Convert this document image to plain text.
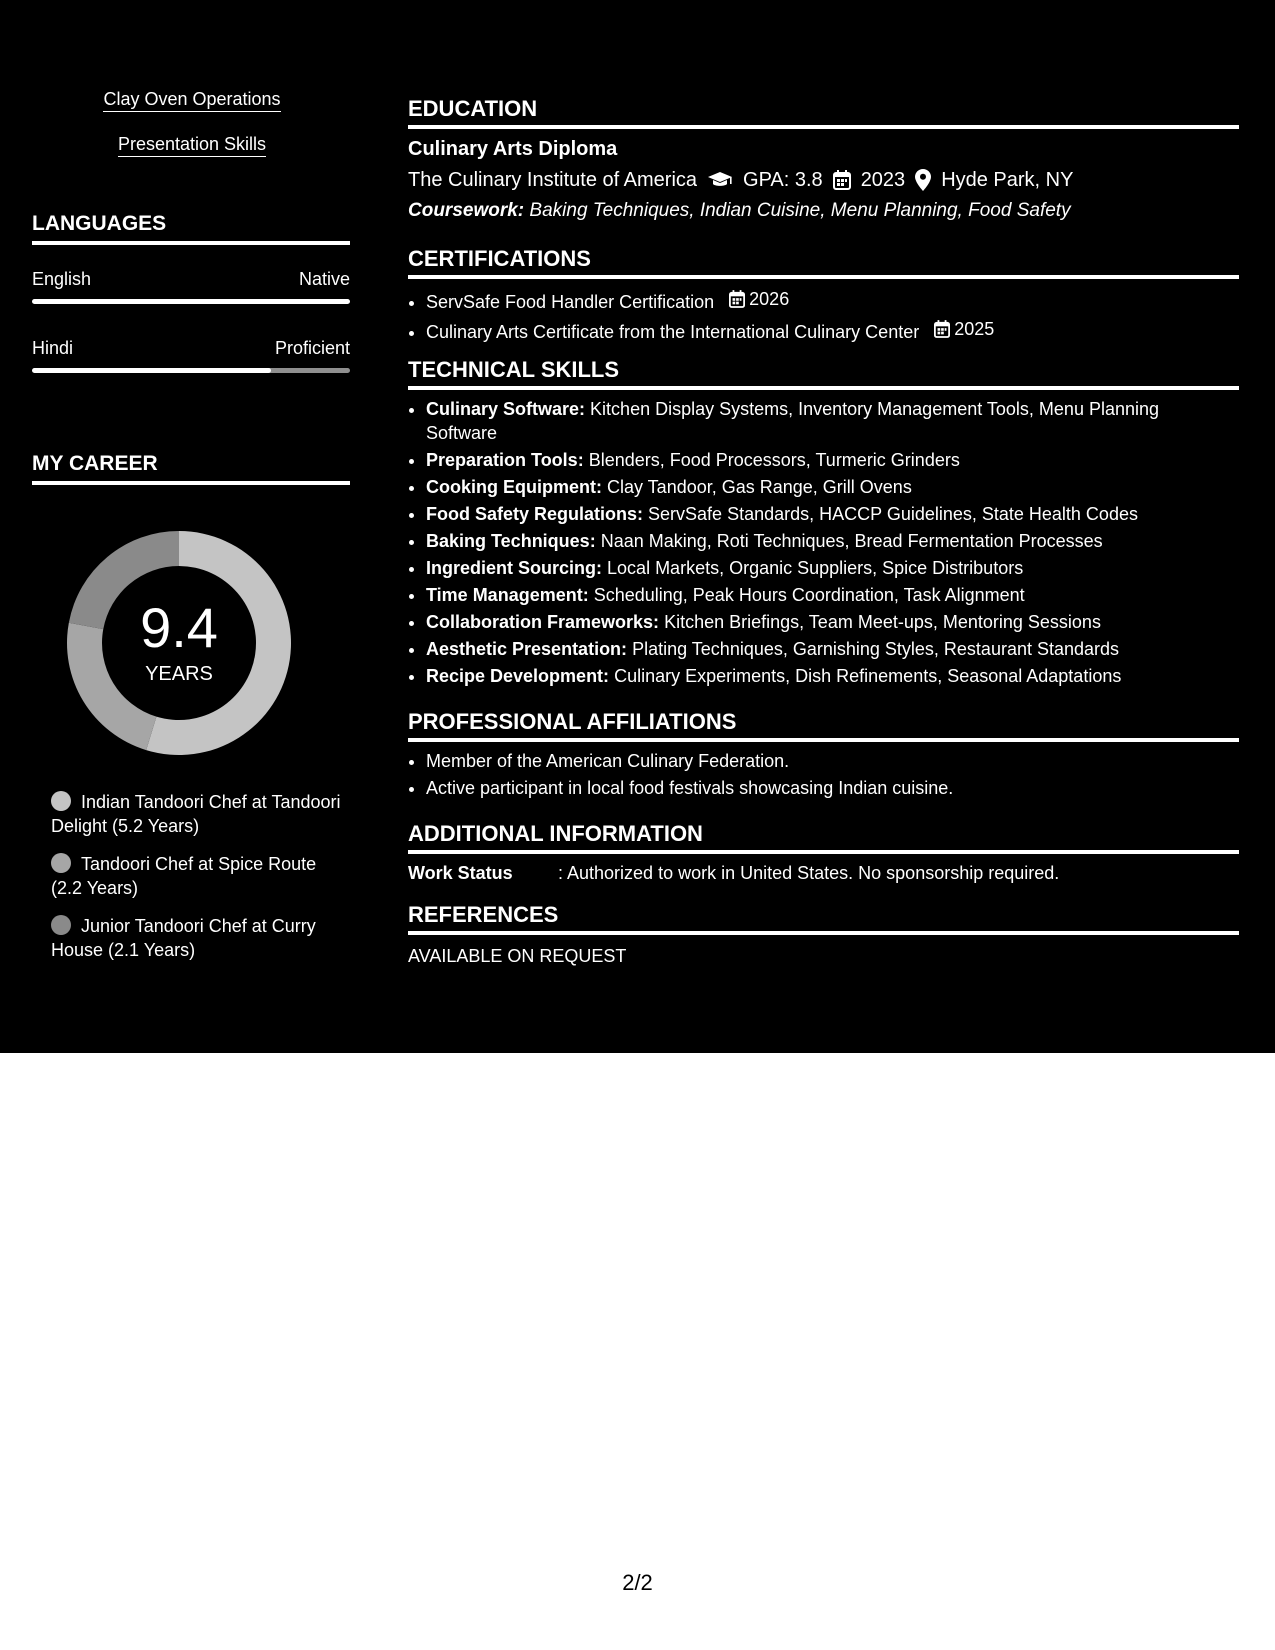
Clay Oven Operations
Presentation Skills
LANGUAGES
English	Native
Hindi	Proficient
MY CAREER
9.4
YEARS
Indian Tandoori Chef at Tandoori Delight (5.2 Years)
Tandoori Chef at Spice Route (2.2 Years)
Junior Tandoori Chef at Curry House (2.1 Years)
EDUCATION
Culinary Arts Diploma
The Culinary Institute of America GPA: 3.8 2023 Hyde Park, NY
Coursework: Baking Techniques, Indian Cuisine, Menu Planning, Food Safety
CERTIFICATIONS
• ServSafe Food Handler Certification 2026
• Culinary Arts Certificate from the International Culinary Center 2025
TECHNICAL SKILLS
• Culinary Software: Kitchen Display Systems, Inventory Management Tools, Menu Planning Software
• Preparation Tools: Blenders, Food Processors, Turmeric Grinders
• Cooking Equipment: Clay Tandoor, Gas Range, Grill Ovens
• Food Safety Regulations: ServSafe Standards, HACCP Guidelines, State Health Codes
• Baking Techniques: Naan Making, Roti Techniques, Bread Fermentation Processes
• Ingredient Sourcing: Local Markets, Organic Suppliers, Spice Distributors
• Time Management: Scheduling, Peak Hours Coordination, Task Alignment
• Collaboration Frameworks: Kitchen Briefings, Team Meet-ups, Mentoring Sessions
• Aesthetic Presentation: Plating Techniques, Garnishing Styles, Restaurant Standards
• Recipe Development: Culinary Experiments, Dish Refinements, Seasonal Adaptations
PROFESSIONAL AFFILIATIONS
• Member of the American Culinary Federation.
• Active participant in local food festivals showcasing Indian cuisine.
ADDITIONAL INFORMATION
Work Status	: Authorized to work in United States. No sponsorship required.
REFERENCES
AVAILABLE ON REQUEST
2/2
